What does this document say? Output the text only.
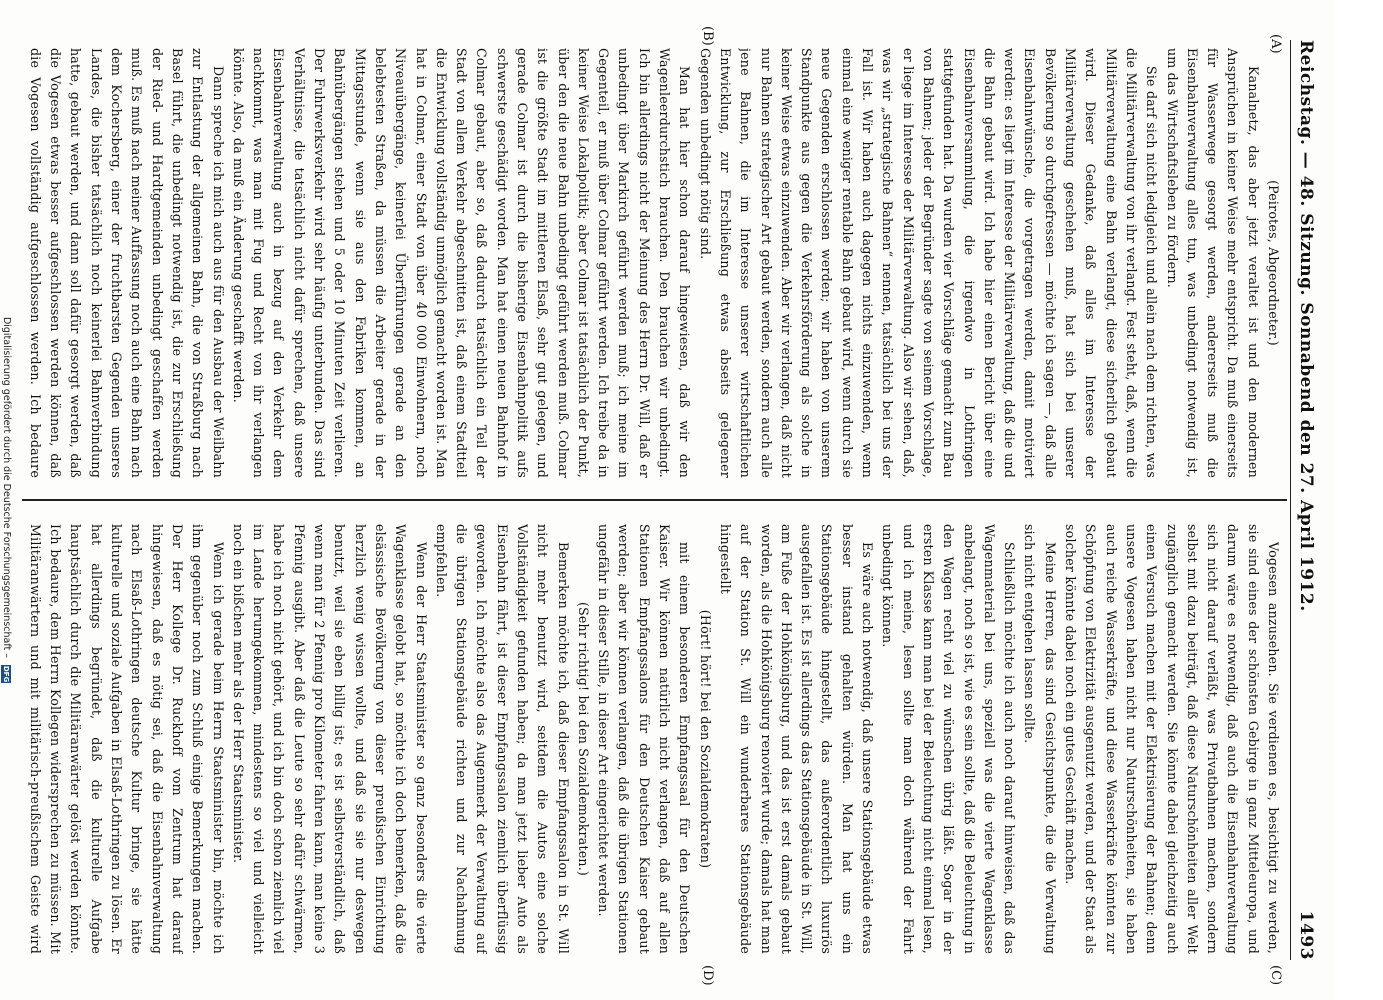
Reichstag. — 48. Sitzung. Sonnabend den 27. April 1912.
1493
(A)
(B)
(C)
(D)

(Peirotes, Abgeordneter.)

Kanalnetz, das aber jetzt veraltet ist und den modernen Ansprüchen in keiner Weise mehr entspricht. Da muß einerseits für Wasserwege gesorgt werden, andererseits muß die Eisenbahnverwaltung alles tun, was unbedingt notwendig ist, um das Wirtschaftsleben zu fördern.

Sie darf sich nicht ledigleich und allein nach dem richten, was die Militärverwaltung von ihr verlangt. Fest steht, daß, wenn die Militärverwaltung eine Bahn verlangt, diese sicherlich gebaut wird. Dieser Gedanke, daß alles im Interesse der Militärverwaltung geschehen muß, hat sich bei unserer Bevölkerung so durchgefressen — möchte ich sagen —, daß alle Eisenbahnwünsche, die vorgetragen werden, damit motiviert werden: es liegt im Interesse der Militärverwaltung, daß die und die Bahn gebaut wird. Ich habe hier einen Bericht über eine Eisenbahnversammlung, die irgendwo in Lothringen stattgefunden hat. Da wurden vier Vorschläge gemacht zum Bau von Bahnen; jeder der Begründer sagte von seinem Vorschlage, er liege im Interesse der Militärverwaltung. Also wir sehen, daß, was wir „strategische Bahnen“ nennen, tatsächlich bei uns der Fall ist. Wir haben auch dagegen nichts einzuwenden, wenn einmal eine weniger rentable Bahn gebaut wird, wenn durch sie neue Gegenden erschlossen werden; wir haben von unserem Standpunkte aus gegen die Verkehrsförderung als solche in keiner Weise etwas einzuwenden. Aber wir verlangen, daß nicht nur Bahnen strategischer Art gebaut werden, sondern auch alle jene Bahnen, die im Interesse unserer wirtschaftlichen Entwicklung, zur Erschließung etwas abseits gelegener Gegenden unbedingt nötig sind.

Man hat hier schon darauf hingewiesen, daß wir den Wagenleerdurchstich brauchen. Den brauchen wir unbedingt. Ich bin allerdings nicht der Meinung des Herrn Dr. Will, daß er unbedingt über Markirch geführt werden muß; ich meine im Gegenteil, er muß über Colmar geführt werden. Ich treibe da in keiner Weise Lokalpolitik; aber Colmar ist tatsächlich der Punkt, über den die neue Bahn unbedingt geführt werden muß. Colmar ist die größte Stadt im mittleren Elsaß, sehr gut gelegen, und gerade Colmar ist durch die bisherige Eisenbahnpolitik aufs schwerste geschädigt worden. Man hat einen neuen Bahnhof in Colmar gebaut, aber so, daß dadurch tatsächlich ein Teil der Stadt von allem Verkehr abgeschnitten ist, daß einem Stadtteil die Entwicklung vollständig unmöglich gemacht worden ist. Man hat in Colmar, einer Stadt von über 40 000 Einwohnern, noch Niveauübergänge, keinerlei Überführungen gerade an den belebtesten Straßen, da müssen die Arbeiter gerade in der Mittagsstunde, wenn sie aus den Fabriken kommen, an Bahnübergängen stehen und 5 oder 10 Minuten Zeit verlieren. Der Fuhrwerksverkehr wird sehr häufig unterbunden. Das sind Verhältnisse, die tatsächlich nicht dafür sprechen, daß unsere Eisenbahnverwaltung auch in bezug auf den Verkehr dem nachkommt, was man mit Fug und Recht von ihr verlangen könnte. Also, da muß ein Änderung geschafft werden.

Dann spreche ich mich auch aus für den Ausbau der Weilbahn zur Entlastung der allgemeinen Bahn, die von Straßburg nach Basel führt, die unbedingt notwendig ist, die zur Erschließung der Ried- und Hardtgemeinden unbedingt geschaffen werden muß. Es muß nach meiner Auffassung noch auch eine Bahn nach dem Kochersberg, einer der fruchtbarsten Gegenden unseres Landes, die bisher tatsächlich noch keinerlei Bahnverbindung hatte, gebaut werden, und dann soll dafür gesorgt werden, daß die Vogesen etwas besser aufgeschlossen werden können, daß die Vogesen vollständig aufgeschlossen werden. Ich bedaure

Vogesen anzusehen. Sie verdienen es, besichtigt zu werden, sie sind eines der schönsten Gebirge in ganz Mitteleuropa, und darum wäre es notwendig, daß auch die Eisenbahnverwaltung sich nicht darauf verläßt, was Privatbahnen machen, sondern selbst mit dazu beiträgt, daß diese Naturschönheiten aller Welt zugänglich gemacht werden. Sie könnte dabei gleichzeitig auch einen Versuch machen mit der Elektrisierung der Bahnen; denn unsere Vogesen haben nicht nur Naturschönheiten, sie haben auch reiche Wasserkräfte, und diese Wasserkräfte könnten zur Schöpfung von Elektrizität ausgenutzt werden, und der Staat als solcher könnte dabei noch ein gutes Geschäft machen.

Meine Herren, das sind Gesichtspunkte, die die Verwaltung sich nicht entgehen lassen sollte.

Schließlich möchte ich auch noch darauf hinweisen, daß das Wagenmaterial bei uns, speziell was die vierte Wagenklasse anbelangt, noch so ist, wie es sein sollte, daß die Beleuchtung in den Wagen recht viel zu wünschen übrig läßt. Sogar in der ersten Klasse kann man bei der Beleuchtung nicht einmal lesen, und ich meine, lesen sollte man doch während der Fahrt unbedingt können.

Es wäre auch notwendig, daß unsere Stationsgebäude etwas besser instand gehalten würden. Man hat uns ein Stationsgebäude hingestellt, das außerordentlich luxuriös ausgefallen ist. Es ist allerdings das Stationsgebäude in St. Will, am Fuße der Hohkönigsburg, und das ist erst damals gebaut worden, als die Hohkönigsburg renoviert wurde; damals hat man auf der Station St. Will ein wunderbares Stationsgebäude hingestellt

(Hört! hört! bei den Sozialdemokraten)

mit einem besonderen Empfangssaal für den Deutschen Kaiser. Wir können natürlich nicht verlangen, daß auf allen Stationen Empfangssalons für den Deutschen Kaiser gebaut werden; aber wir können verlangen, daß die übrigen Stationen ungefähr in dieser Stille, in dieser Art eingerichtet werden.

(Sehr richtig! bei den Sozialdemokraten.)

Bemerken möchte ich, daß dieser Empfangssalon in St. Will nicht mehr benutzt wird, seitdem die Autos eine solche Vollständigkeit gefunden haben; da man jetzt lieber Auto als Eisenbahn fährt, ist dieser Empfangssalon ziemlich überflüssig geworden. Ich möchte also das Augenmerk der Verwaltung auf die übrigen Stationsgebäude richten und zur Nachahmung empfehlen.

Wenn der Herr Staatsminister so ganz besonders die vierte Wagenklasse gelobt hat, so möchte ich doch bemerken, daß die elsässische Bevölkerung von dieser preußischen Einrichtung herzlich wenig wissen wollte, und daß sie sie nur deswegen benutzt, weil sie eben billig ist; es ist selbstverständlich, daß wenn man für 2 Pfennig pro Kilometer fahren kann, man keine 3 Pfennig ausgibt. Aber daß die Leute so sehr dafür schwärmen, habe ich noch nicht gehört, und ich bin doch schon ziemlich viel im Lande herumgekommen, mindestens so viel und vielleicht noch ein bißchen mehr als der Herr Staatsminister.

Wenn ich gerade beim Herrn Staatsminister bin, möchte ich ihm gegenüber noch zum Schluß einige Bemerkungen machen. Der Herr Kollege Dr. Ruckhoff vom Zentrum hat darauf hingewiesen, daß es nötig sei, daß die Eisenbahnverwaltung nach Elsaß-Lothringen deutsche Kultur bringe, sie hätte kulturelle und soziale Aufgaben in Elsaß-Lothringen zu lösen. Er hat allerdings begründet, daß die kulturelle Aufgabe hauptsächlich durch die Militäranwärter gelöst werden könnte. Ich bedaure, dem Herrn Kollegen widersprechen zu müssen. Mit Militäranwärtern und mit militärisch-preußischem Geiste wird

Digitalisierung gefördert durch die Deutsche Forschungsgemeinschaft – DFG
